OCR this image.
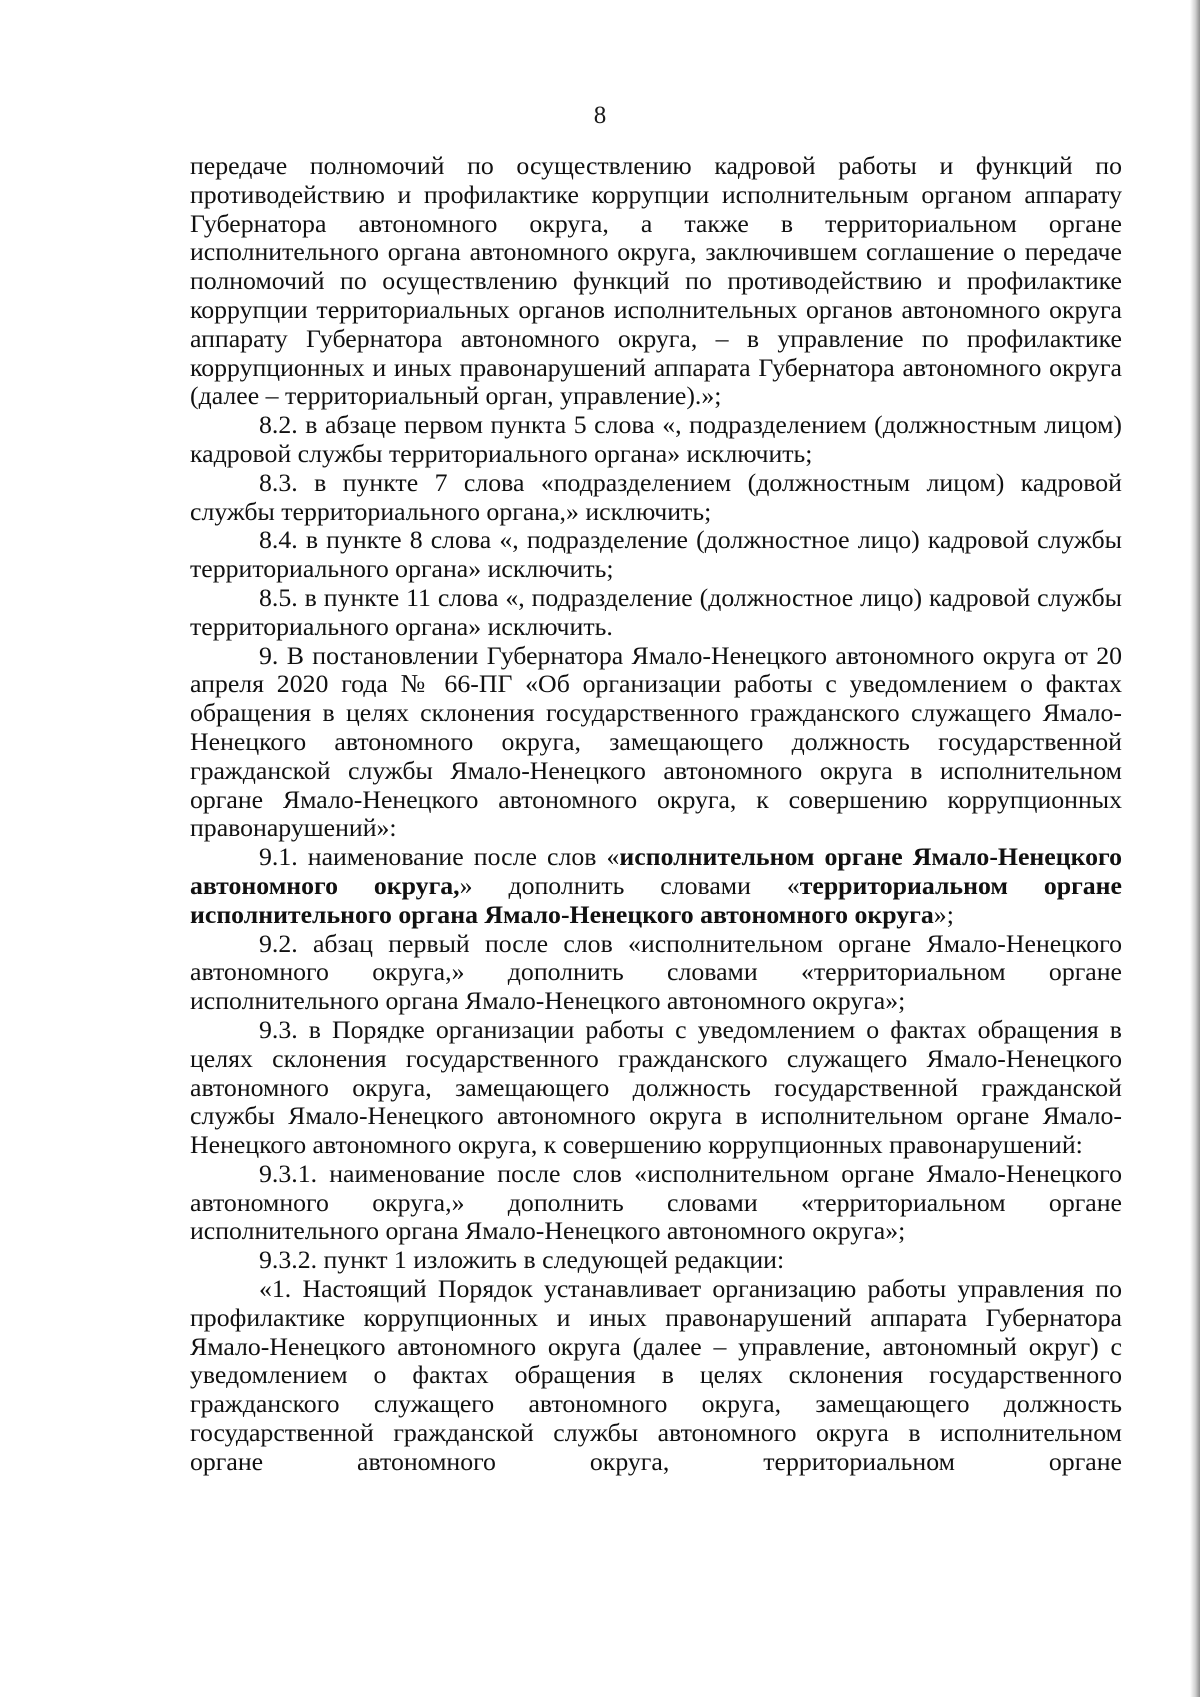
8

передаче полномочий по осуществлению кадровой работы и функций по противодействию и профилактике коррупции исполнительным органом аппарату Губернатора автономного округа, а также в территориальном органе исполнительного органа автономного округа, заключившем соглашение о передаче полномочий по осуществлению функций по противодействию и профилактике коррупции территориальных органов исполнительных органов автономного округа аппарату Губернатора автономного округа, – в управление по профилактике коррупционных и иных правонарушений аппарата Губернатора автономного округа (далее – территориальный орган, управление).»;

8.2. в абзаце первом пункта 5 слова «, подразделением (должностным лицом) кадровой службы территориального органа» исключить;

8.3. в пункте 7 слова «подразделением (должностным лицом) кадровой службы территориального органа,» исключить;

8.4. в пункте 8 слова «, подразделение (должностное лицо) кадровой службы территориального органа» исключить;

8.5. в пункте 11 слова «, подразделение (должностное лицо) кадровой службы территориального органа» исключить.

9. В постановлении Губернатора Ямало-Ненецкого автономного округа от 20 апреля 2020 года № 66-ПГ «Об организации работы с уведомлением о фактах обращения в целях склонения государственного гражданского служащего Ямало-Ненецкого автономного округа, замещающего должность государственной гражданской службы Ямало-Ненецкого автономного округа в исполнительном органе Ямало-Ненецкого автономного округа, к совершению коррупционных правонарушений»:

9.1. наименование после слов «исполнительном органе Ямало-Ненецкого автономного округа,» дополнить словами «территориальном органе исполнительного органа Ямало-Ненецкого автономного округа»;

9.2. абзац первый после слов «исполнительном органе Ямало-Ненецкого автономного округа,» дополнить словами «территориальном органе исполнительного органа Ямало-Ненецкого автономного округа»;

9.3. в Порядке организации работы с уведомлением о фактах обращения в целях склонения государственного гражданского служащего Ямало-Ненецкого автономного округа, замещающего должность государственной гражданской службы Ямало-Ненецкого автономного округа в исполнительном органе Ямало-Ненецкого автономного округа, к совершению коррупционных правонарушений:

9.3.1. наименование после слов «исполнительном органе Ямало-Ненецкого автономного округа,» дополнить словами «территориальном органе исполнительного органа Ямало-Ненецкого автономного округа»;

9.3.2. пункт 1 изложить в следующей редакции:

«1. Настоящий Порядок устанавливает организацию работы управления по профилактике коррупционных и иных правонарушений аппарата Губернатора Ямало-Ненецкого автономного округа (далее – управление, автономный округ) с уведомлением о фактах обращения в целях склонения государственного гражданского служащего автономного округа, замещающего должность государственной гражданской службы автономного округа в исполнительном органе автономного округа, территориальном органе
